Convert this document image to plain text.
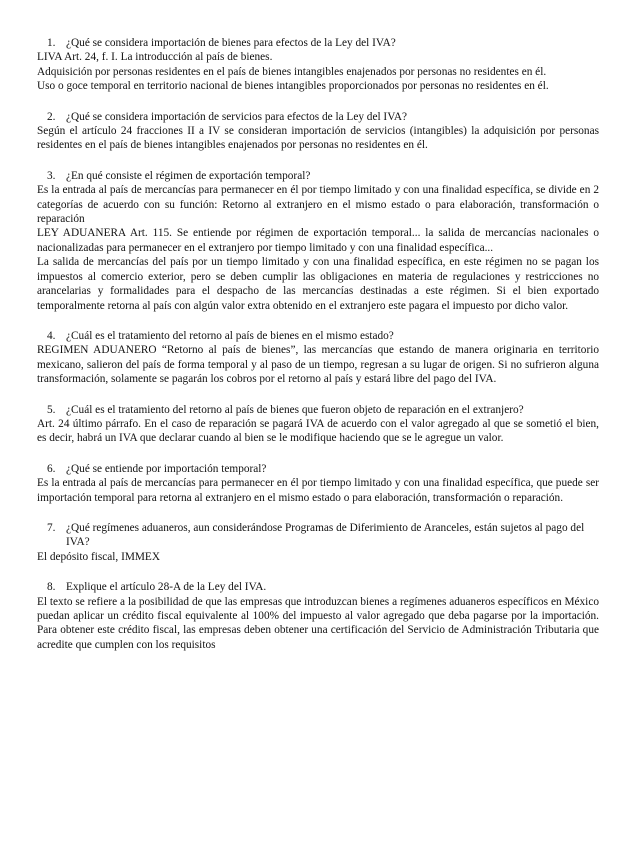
1. ¿Qué se considera importación de bienes para efectos de la Ley del IVA?
LIVA Art. 24, f. I. La introducción al país de bienes.
Adquisición por personas residentes en el país de bienes intangibles enajenados por personas no residentes en él.
Uso o goce temporal en territorio nacional de bienes intangibles proporcionados por personas no residentes en él.
2. ¿Qué se considera importación de servicios para efectos de la Ley del IVA?
Según el artículo 24 fracciones II a IV se consideran importación de servicios (intangibles) la adquisición por personas residentes en el país de bienes intangibles enajenados por personas no residentes en él.
3. ¿En qué consiste el régimen de exportación temporal?
Es la entrada al país de mercancías para permanecer en él por tiempo limitado y con una finalidad específica, se divide en 2 categorías de acuerdo con su función: Retorno al extranjero en el mismo estado o para elaboración, transformación o reparación
LEY ADUANERA Art. 115. Se entiende por régimen de exportación temporal... la salida de mercancías nacionales o nacionalizadas para permanecer en el extranjero por tiempo limitado y con una finalidad específica...
La salida de mercancías del país por un tiempo limitado y con una finalidad específica, en este régimen no se pagan los impuestos al comercio exterior, pero se deben cumplir las obligaciones en materia de regulaciones y restricciones no arancelarias y formalidades para el despacho de las mercancías destinadas a este régimen. Si el bien exportado temporalmente retorna al país con algún valor extra obtenido en el extranjero este pagara el impuesto por dicho valor.
4. ¿Cuál es el tratamiento del retorno al país de bienes en el mismo estado?
REGIMEN ADUANERO “Retorno al país de bienes”, las mercancías que estando de manera originaria en territorio mexicano, salieron del país de forma temporal y al paso de un tiempo, regresan a su lugar de origen. Si no sufrieron alguna transformación, solamente se pagarán los cobros por el retorno al país y estará libre del pago del IVA.
5. ¿Cuál es el tratamiento del retorno al país de bienes que fueron objeto de reparación en el extranjero?
Art. 24 último párrafo. En el caso de reparación se pagará IVA de acuerdo con el valor agregado al que se sometió el bien, es decir, habrá un IVA que declarar cuando al bien se le modifique haciendo que se le agregue un valor.
6. ¿Qué se entiende por importación temporal?
Es la entrada al país de mercancías para permanecer en él por tiempo limitado y con una finalidad específica, que puede ser importación temporal para retorna al extranjero en el mismo estado o para elaboración, transformación o reparación.
7. ¿Qué regímenes aduaneros, aun considerándose Programas de Diferimiento de Aranceles, están sujetos al pago del IVA?
El depósito fiscal, IMMEX
8. Explique el artículo 28-A de la Ley del IVA.
El texto se refiere a la posibilidad de que las empresas que introduzcan bienes a regímenes aduaneros específicos en México puedan aplicar un crédito fiscal equivalente al 100% del impuesto al valor agregado que deba pagarse por la importación. Para obtener este crédito fiscal, las empresas deben obtener una certificación del Servicio de Administración Tributaria que acredite que cumplen con los requisitos
